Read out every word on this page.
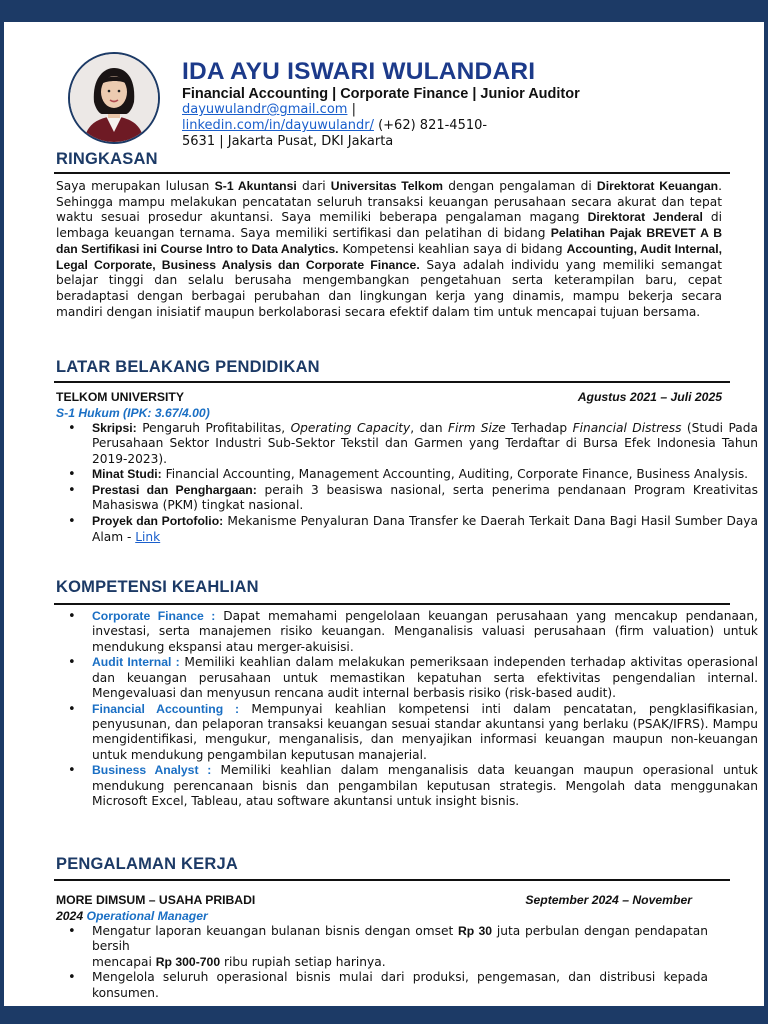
IDA AYU ISWARI WULANDARI
Financial Accounting | Corporate Finance | Junior Auditor
dayuwulandr@gmail.com |
linkedin.com/in/dayuwulandr/ (+62) 821-4510-
5631 | Jakarta Pusat, DKI Jakarta
RINGKASAN

Saya merupakan lulusan S-1 Akuntansi dari Universitas Telkom dengan pengalaman di Direktorat Keuangan. Sehingga mampu melakukan pencatatan seluruh transaksi keuangan perusahaan secara akurat dan tepat waktu sesuai prosedur akuntansi. Saya memiliki beberapa pengalaman magang Direktorat Jenderal di lembaga keuangan ternama. Saya memiliki sertifikasi dan pelatihan di bidang Pelatihan Pajak BREVET A B dan Sertifikasi ini Course Intro to Data Analytics. Kompetensi keahlian saya di bidang Accounting, Audit Internal, Legal Corporate, Business Analysis dan Corporate Finance. Saya adalah individu yang memiliki semangat belajar tinggi dan selalu berusaha mengembangkan pengetahuan serta keterampilan baru, cepat beradaptasi dengan berbagai perubahan dan lingkungan kerja yang dinamis, mampu bekerja secara mandiri dengan inisiatif maupun berkolaborasi secara efektif dalam tim untuk mencapai tujuan bersama.

LATAR BELAKANG PENDIDIKAN
TELKOM UNIVERSITY	Agustus 2021 – Juli 2025
S-1 Hukum (IPK: 3.67/4.00)
• Skripsi: Pengaruh Profitabilitas, Operating Capacity, dan Firm Size Terhadap Financial Distress (Studi Pada Perusahaan Sektor Industri Sub-Sektor Tekstil dan Garmen yang Terdaftar di Bursa Efek Indonesia Tahun 2019-2023).
• Minat Studi: Financial Accounting, Management Accounting, Auditing, Corporate Finance, Business Analysis.
• Prestasi dan Penghargaan: peraih 3 beasiswa nasional, serta penerima pendanaan Program Kreativitas Mahasiswa (PKM) tingkat nasional.
• Proyek dan Portofolio: Mekanisme Penyaluran Dana Transfer ke Daerah Terkait Dana Bagi Hasil Sumber Daya Alam - Link
KOMPETENSI KEAHLIAN
• Corporate Finance : Dapat memahami pengelolaan keuangan perusahaan yang mencakup pendanaan, investasi, serta manajemen risiko keuangan. Menganalisis valuasi perusahaan (firm valuation) untuk mendukung ekspansi atau merger-akuisisi.
• Audit Internal : Memiliki keahlian dalam melakukan pemeriksaan independen terhadap aktivitas operasional dan keuangan perusahaan untuk memastikan kepatuhan serta efektivitas pengendalian internal. Mengevaluasi dan menyusun rencana audit internal berbasis risiko (risk-based audit).
• Financial Accounting : Mempunyai keahlian kompetensi inti dalam pencatatan, pengklasifikasian, penyusunan, dan pelaporan transaksi keuangan sesuai standar akuntansi yang berlaku (PSAK/IFRS). Mampu mengidentifikasi, mengukur, menganalisis, dan menyajikan informasi keuangan maupun non-keuangan untuk mendukung pengambilan keputusan manajerial.
• Business Analyst : Memiliki keahlian dalam menganalisis data keuangan maupun operasional untuk mendukung perencanaan bisnis dan pengambilan keputusan strategis. Mengolah data menggunakan Microsoft Excel, Tableau, atau software akuntansi untuk insight bisnis.
PENGALAMAN KERJA
MORE DIMSUM – USAHA PRIBADI	September 2024 – November
2024 Operational Manager
• Mengatur laporan keuangan bulanan bisnis dengan omset Rp 30 juta perbulan dengan pendapatan bersih
mencapai Rp 300-700 ribu rupiah setiap harinya.
• Mengelola seluruh operasional bisnis mulai dari produksi, pengemasan, dan distribusi kepada konsumen.
